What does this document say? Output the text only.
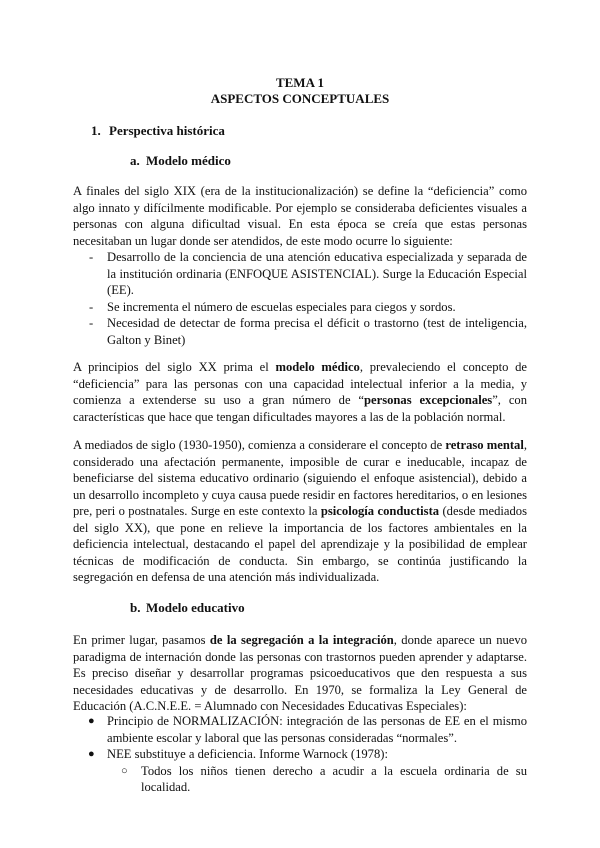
TEMA 1
ASPECTOS CONCEPTUALES
1. Perspectiva histórica
a. Modelo médico
A finales del siglo XIX (era de la institucionalización) se define la “deficiencia” como algo innato y difícilmente modificable. Por ejemplo se consideraba deficientes visuales a personas con alguna dificultad visual. En esta época se creía que estas personas necesitaban un lugar donde ser atendidos, de este modo ocurre lo siguiente:
- Desarrollo de la conciencia de una atención educativa especializada y separada de la institución ordinaria (ENFOQUE ASISTENCIAL). Surge la Educación Especial (EE).
- Se incrementa el número de escuelas especiales para ciegos y sordos.
- Necesidad de detectar de forma precisa el déficit o trastorno (test de inteligencia, Galton y Binet)
A principios del siglo XX prima el modelo médico, prevaleciendo el concepto de “deficiencia” para las personas con una capacidad intelectual inferior a la media, y comienza a extenderse su uso a gran número de “personas excepcionales”, con características que hace que tengan dificultades mayores a las de la población normal.
A mediados de siglo (1930-1950), comienza a considerare el concepto de retraso mental, considerado una afectación permanente, imposible de curar e ineducable, incapaz de beneficiarse del sistema educativo ordinario (siguiendo el enfoque asistencial), debido a un desarrollo incompleto y cuya causa puede residir en factores hereditarios, o en lesiones pre, peri o postnatales. Surge en este contexto la psicología conductista (desde mediados del siglo XX), que pone en relieve la importancia de los factores ambientales en la deficiencia intelectual, destacando el papel del aprendizaje y la posibilidad de emplear técnicas de modificación de conducta. Sin embargo, se continúa justificando la segregación en defensa de una atención más individualizada.
b. Modelo educativo
En primer lugar, pasamos de la segregación a la integración, donde aparece un nuevo paradigma de internación donde las personas con trastornos pueden aprender y adaptarse. Es preciso diseñar y desarrollar programas psicoeducativos que den respuesta a sus necesidades educativas y de desarrollo. En 1970, se formaliza la Ley General de Educación (A.C.N.E.E. = Alumnado con Necesidades Educativas Especiales):
● Principio de NORMALIZACIÓN: integración de las personas de EE en el mismo ambiente escolar y laboral que las personas consideradas “normales”.
● NEE substituye a deficiencia. Informe Warnock (1978):
○ Todos los niños tienen derecho a acudir a la escuela ordinaria de su localidad.
